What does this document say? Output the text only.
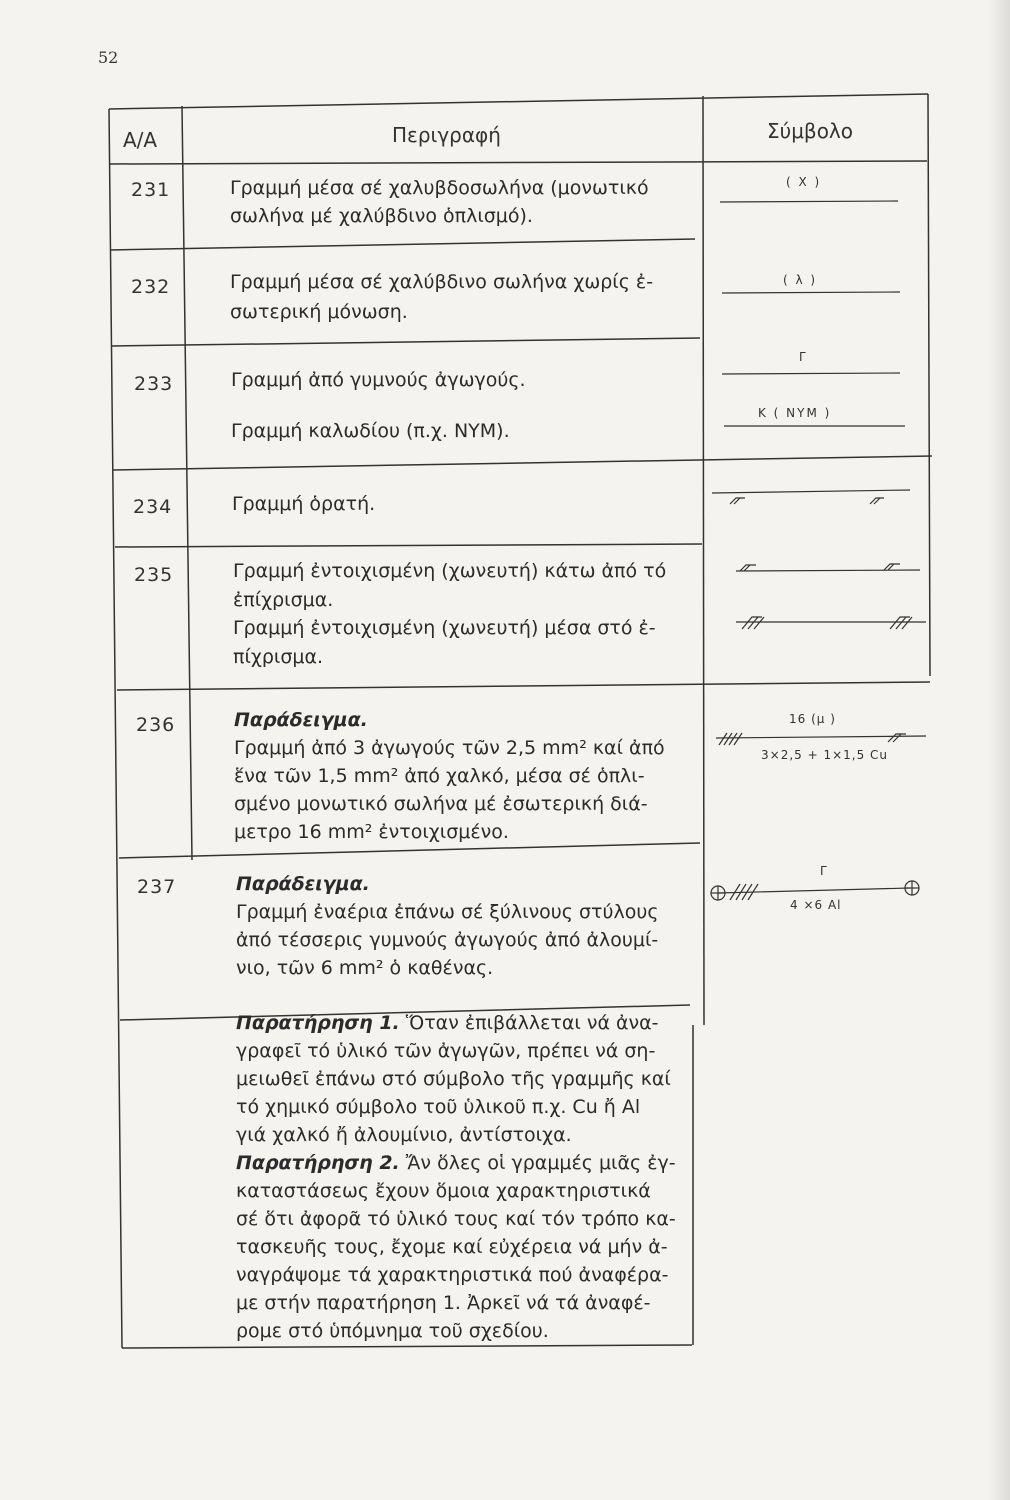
52
Α/Α	Περιγραφή	Σύμβολο
231	Γραμμή μέσα σέ χαλυβδοσωλήνα (μονωτικό

σωλήνα μέ χαλύβδινο ὁπλισμό).

( Χ )
232	Γραμμή μέσα σέ χαλύβδινο σωλήνα χωρίς ἐ-

σωτερική μόνωση.

( λ )
233	Γραμμή ἀπό γυμνούς ἀγωγούς.

Γραμμή καλωδίου (π.χ. ΝΥΜ).

Γ
Κ ( ΝΥΜ )
234	Γραμμή ὁρατή.

235	Γραμμή ἐντοιχισμένη (χωνευτή) κάτω ἀπό τό

ἐπίχρισμα.

Γραμμή ἐντοιχισμένη (χωνευτή) μέσα στό ἐ-

πίχρισμα.

236	Παράδειγμα.

Γραμμή ἀπό 3 ἀγωγούς τῶν 2,5 mm² καί ἀπό

ἕνα τῶν 1,5 mm² ἀπό χαλκό, μέσα σέ ὁπλι-

σμένο μονωτικό σωλήνα μέ ἐσωτερική διά-

μετρο 16 mm² ἐντοιχισμένο.

16 (μ )
3×2,5 + 1×1,5 Cu
237	Παράδειγμα.

Γραμμή ἐναέρια ἐπάνω σέ ξύλινους στύλους

ἀπό τέσσερις γυμνούς ἀγωγούς ἀπό ἀλουμί-

νιο, τῶν 6 mm² ὁ καθένας.

Γ
4 ×6 Αl

Παρατήρηση 1. Ὅταν ἐπιβάλλεται νά ἀνα-

γραφεῖ τό ὑλικό τῶν ἀγωγῶν, πρέπει νά ση-

μειωθεῖ ἐπάνω στό σύμβολο τῆς γραμμῆς καί

τό χημικό σύμβολο τοῦ ὑλικοῦ π.χ. Cu ἤ Al

γιά χαλκό ἤ ἀλουμίνιο, ἀντίστοιχα.

Παρατήρηση 2. Ἄν ὅλες οἱ γραμμές μιᾶς ἐγ-

καταστάσεως ἔχουν ὅμοια χαρακτηριστικά

σέ ὅτι ἀφορᾶ τό ὑλικό τους καί τόν τρόπο κα-

τασκευῆς τους, ἔχομε καί εὐχέρεια νά μήν ἀ-

ναγράψομε τά χαρακτηριστικά πού ἀναφέρα-

με στήν παρατήρηση 1. Ἀρκεῖ νά τά ἀναφέ-

ρομε στό ὑπόμνημα τοῦ σχεδίου.
